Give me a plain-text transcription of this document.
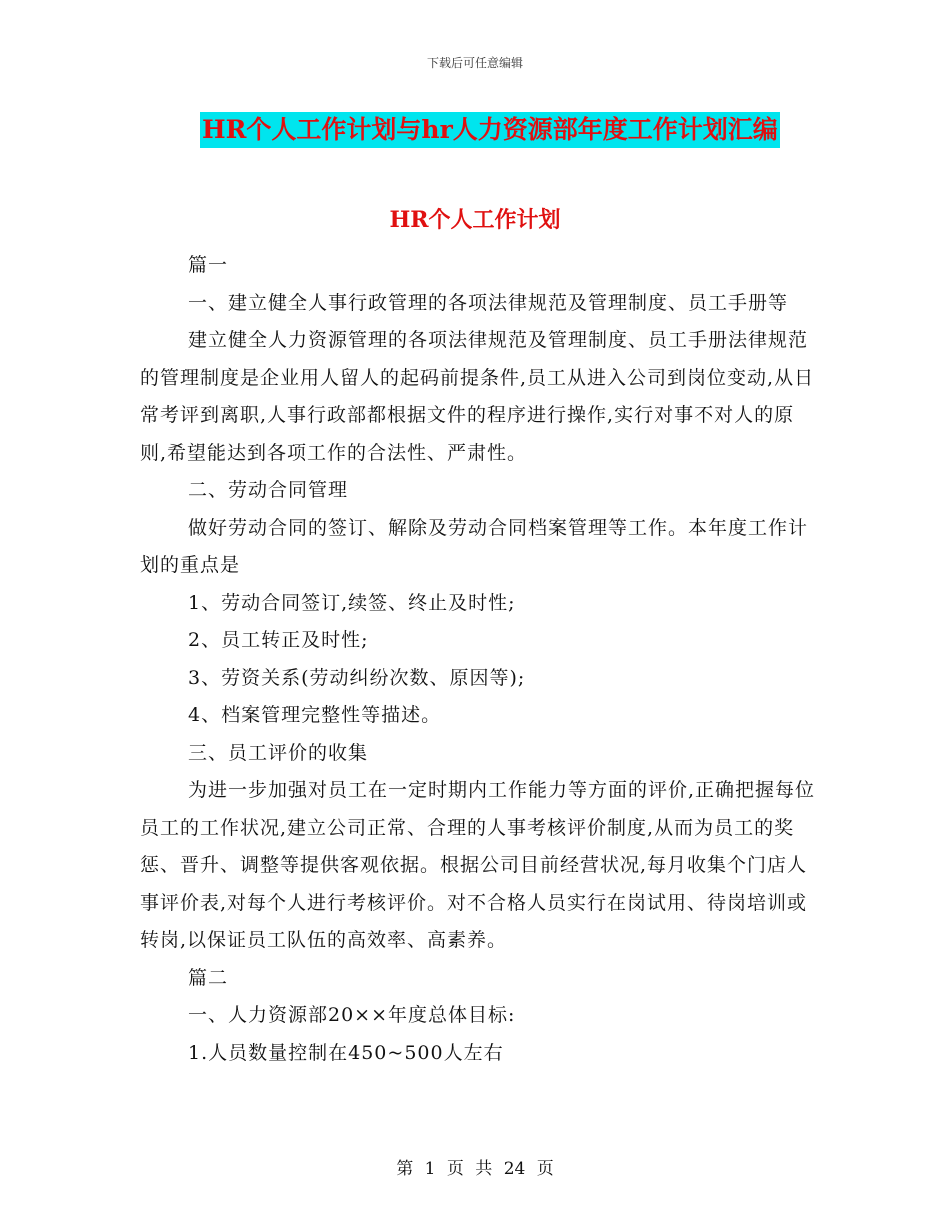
下载后可任意编辑
HR个人工作计划与hr人力资源部年度工作计划汇编
HR个人工作计划

篇一

一、建立健全人事行政管理的各项法律规范及管理制度、员工手册等

建立健全人力资源管理的各项法律规范及管理制度、员工手册法律规范的管理制度是企业用人留人的起码前提条件,员工从进入公司到岗位变动,从日常考评到离职,人事行政部都根据文件的程序进行操作,实行对事不对人的原则,希望能达到各项工作的合法性、严肃性。

二、劳动合同管理

做好劳动合同的签订、解除及劳动合同档案管理等工作。本年度工作计划的重点是

1、劳动合同签订,续签、终止及时性;

2、员工转正及时性;

3、劳资关系(劳动纠纷次数、原因等);

4、档案管理完整性等描述。

三、员工评价的收集

为进一步加强对员工在一定时期内工作能力等方面的评价,正确把握每位员工的工作状况,建立公司正常、合理的人事考核评价制度,从而为员工的奖惩、晋升、调整等提供客观依据。根据公司目前经营状况,每月收集个门店人事评价表,对每个人进行考核评价。对不合格人员实行在岗试用、待岗培训或转岗,以保证员工队伍的高效率、高素养。

篇二

一、人力资源部20××年度总体目标:

1.人员数量控制在450~500人左右

第 1 页 共 24 页
